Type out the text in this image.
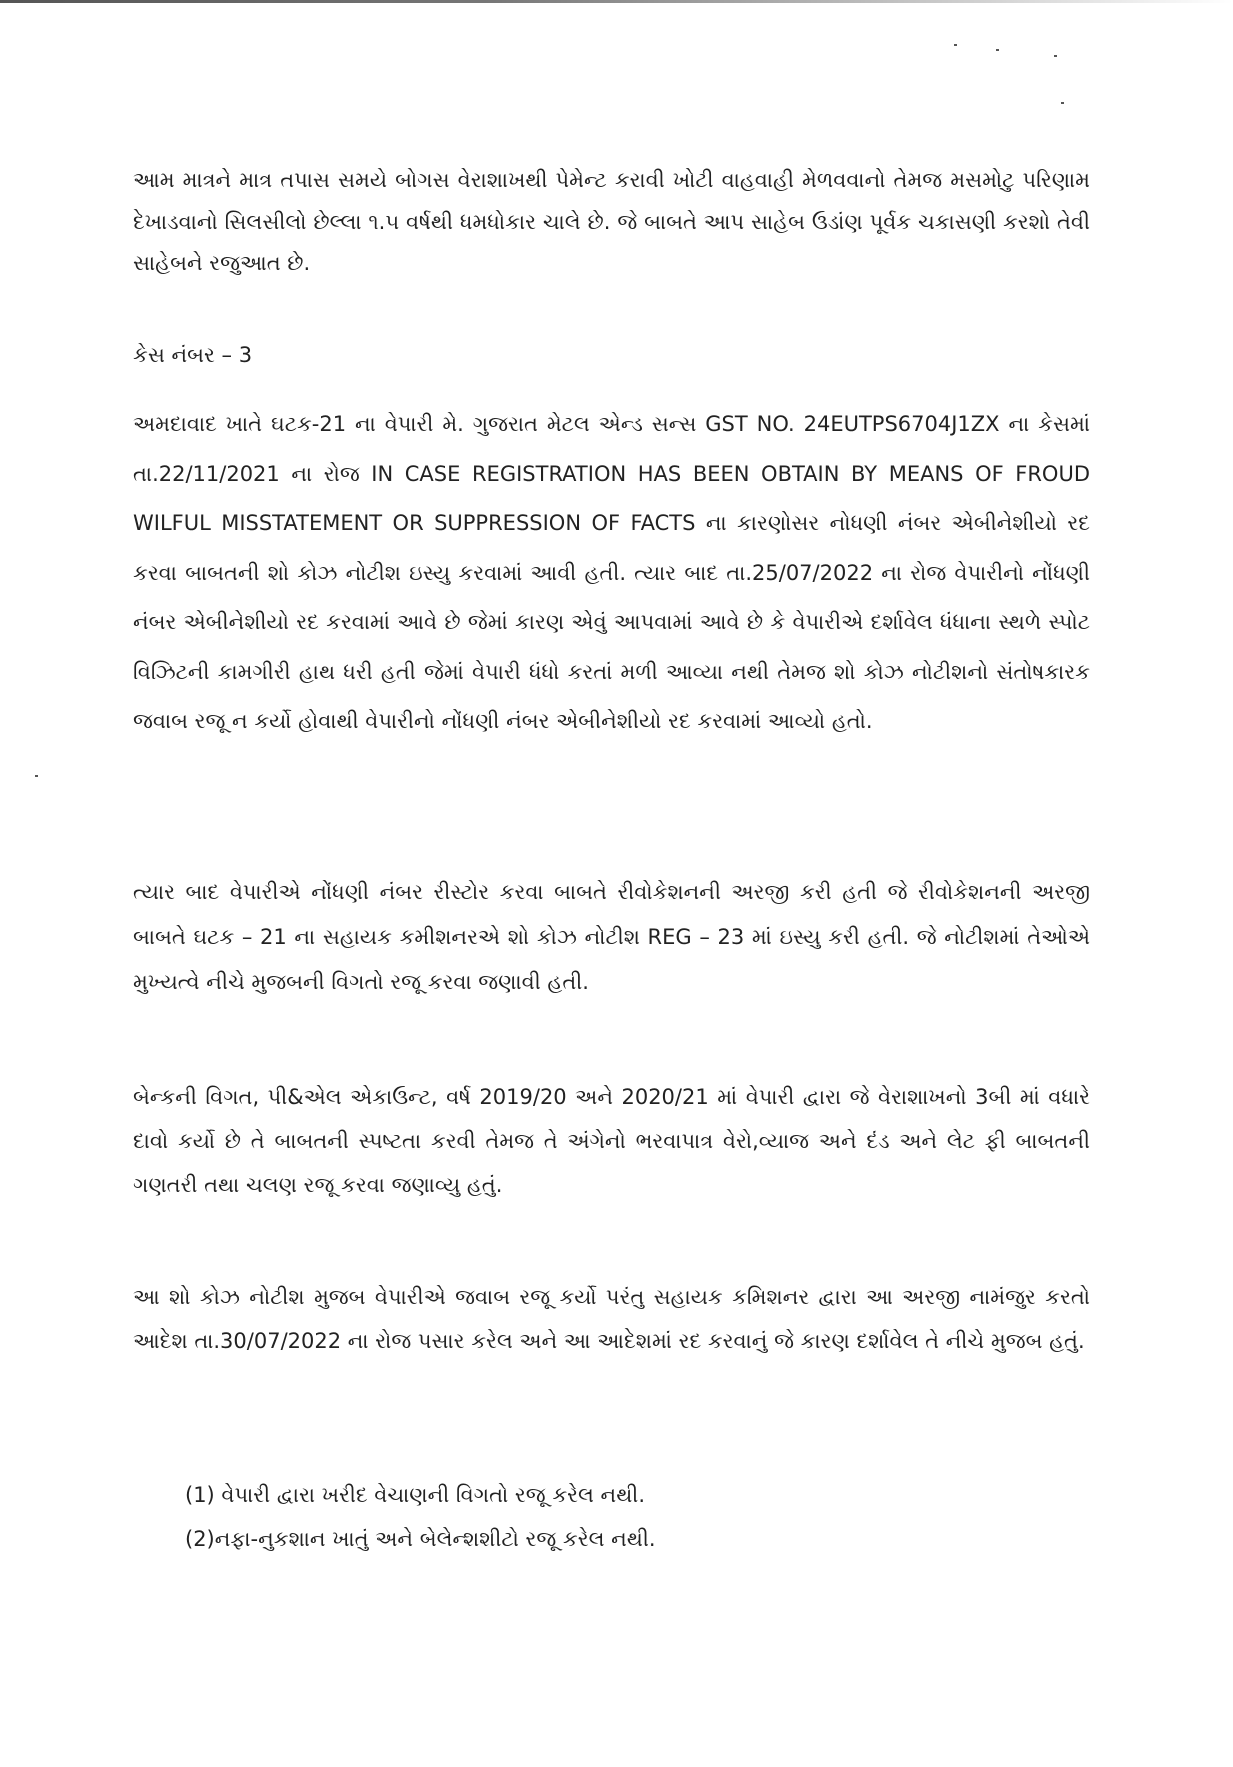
આમ માત્રને માત્ર તપાસ સમયે બોગસ વેરાશાખથી પેમેન્ટ કરાવી ખોટી વાહવાહી મેળવવાનો તેમજ મસમોટુ પરિણામ દેખાડવાનો સિલસીલો છેલ્લા ૧.૫ વર્ષથી ધમધોકાર ચાલે છે. જે બાબતે આપ સાહેબ ઉડાંણ પૂર્વક ચકાસણી કરશો તેવી સાહેબને રજુઆત છે.

કેસ નંબર – 3

અમદાવાદ ખાતે ઘટક-21 ના વેપારી મે. ગુજરાત મેટલ એન્ડ સન્સ GST NO. 24EUTPS6704J1ZX ના કેસમાં તા.22/11/2021 ના રોજ IN CASE REGISTRATION HAS BEEN OBTAIN BY MEANS OF FROUD WILFUL MISSTATEMENT OR SUPPRESSION OF FACTS ના કારણોસર નોધણી નંબર એબીનેશીયો રદ કરવા બાબતની શો કોઝ નોટીશ ઇસ્યુ કરવામાં આવી હતી. ત્યાર બાદ તા.25/07/2022 ના રોજ વેપારીનો નોંધણી નંબર એબીનેશીયો રદ કરવામાં આવે છે જેમાં કારણ એવું આપવામાં આવે છે કે વેપારીએ દર્શાવેલ ધંધાના સ્થળે સ્પોટ વિઝિટની કામગીરી હાથ ધરી હતી જેમાં વેપારી ધંધો કરતાં મળી આવ્યા નથી તેમજ શો કોઝ નોટીશનો સંતોષકારક જવાબ રજૂ ન કર્યો હોવાથી વેપારીનો નોંધણી નંબર એબીનેશીયો રદ કરવામાં આવ્યો હતો.

ત્યાર બાદ વેપારીએ નોંધણી નંબર રીસ્ટોર કરવા બાબતે રીવોકેશનની અરજી કરી હતી જે રીવોકેશનની અરજી બાબતે ઘટક – 21 ના સહાયક કમીશનરએ શો કોઝ નોટીશ REG – 23 માં ઇસ્યુ કરી હતી. જે નોટીશમાં તેઓએ મુખ્યત્વે નીચે મુજબની વિગતો રજૂ કરવા જણાવી હતી.

બેન્કની વિગત, પી&એલ એકાઉન્ટ, વર્ષ 2019/20 અને 2020/21 માં વેપારી દ્વારા જે વેરાશાખનો 3બી માં વધારે દાવો કર્યો છે તે બાબતની સ્પષ્ટતા કરવી તેમજ તે અંગેનો ભરવાપાત્ર વેરો,વ્યાજ અને દંડ અને લેટ ફી બાબતની ગણતરી તથા ચલણ રજૂ કરવા જણાવ્યુ હતું.

આ શો કોઝ નોટીશ મુજબ વેપારીએ જવાબ રજૂ કર્યો પરંતુ સહાયક કમિશનર દ્વારા આ અરજી નામંજુર કરતો આદેશ તા.30/07/2022 ના રોજ પસાર કરેલ અને આ આદેશમાં રદ કરવાનું જે કારણ દર્શાવેલ તે નીચે મુજબ હતું.

(1) વેપારી દ્વારા ખરીદ વેચાણની વિગતો રજૂ કરેલ નથી.
(2)નફા-નુકશાન ખાતું અને બેલેન્શશીટો રજૂ કરેલ નથી.
